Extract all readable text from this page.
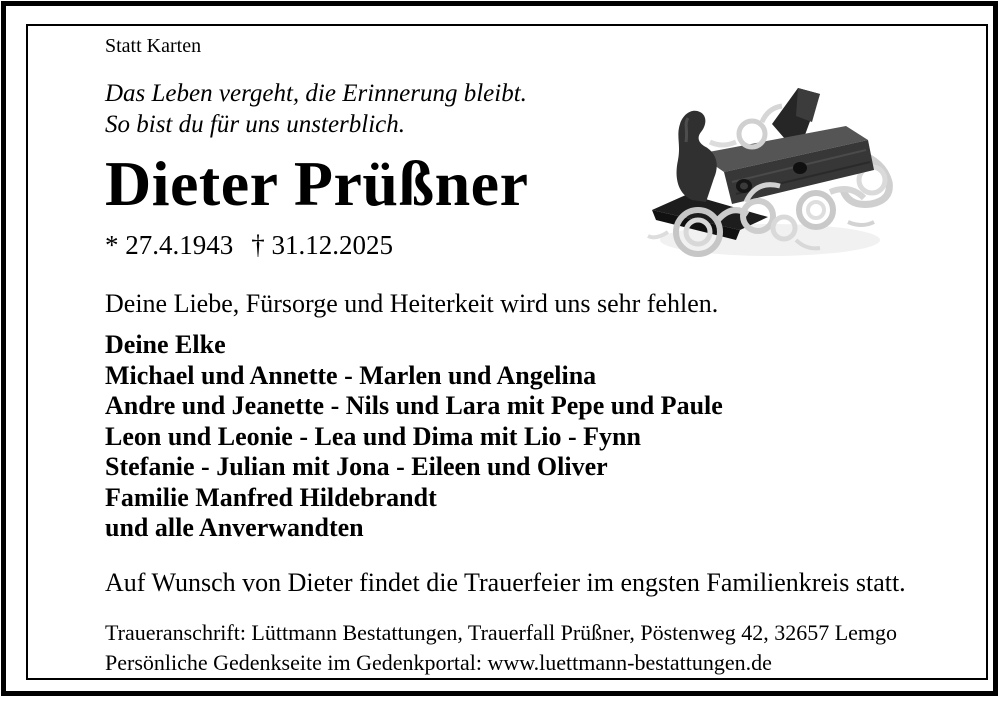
Statt Karten
Das Leben vergeht, die Erinnerung bleibt.
So bist du für uns unsterblich.
Dieter Prüßner
* 27.4.1943 † 31.12.2025
Deine Liebe, Fürsorge und Heiterkeit wird uns sehr fehlen.
Deine Elke
Michael und Annette - Marlen und Angelina
Andre und Jeanette - Nils und Lara mit Pepe und Paule
Leon und Leonie - Lea und Dima mit Lio - Fynn
Stefanie - Julian mit Jona - Eileen und Oliver
Familie Manfred Hildebrandt
und alle Anverwandten
Auf Wunsch von Dieter findet die Trauerfeier im engsten Familienkreis statt.
Traueranschrift: Lüttmann Bestattungen, Trauerfall Prüßner, Pöstenweg 42, 32657 Lemgo
Persönliche Gedenkseite im Gedenkportal: www.luettmann-bestattungen.de
